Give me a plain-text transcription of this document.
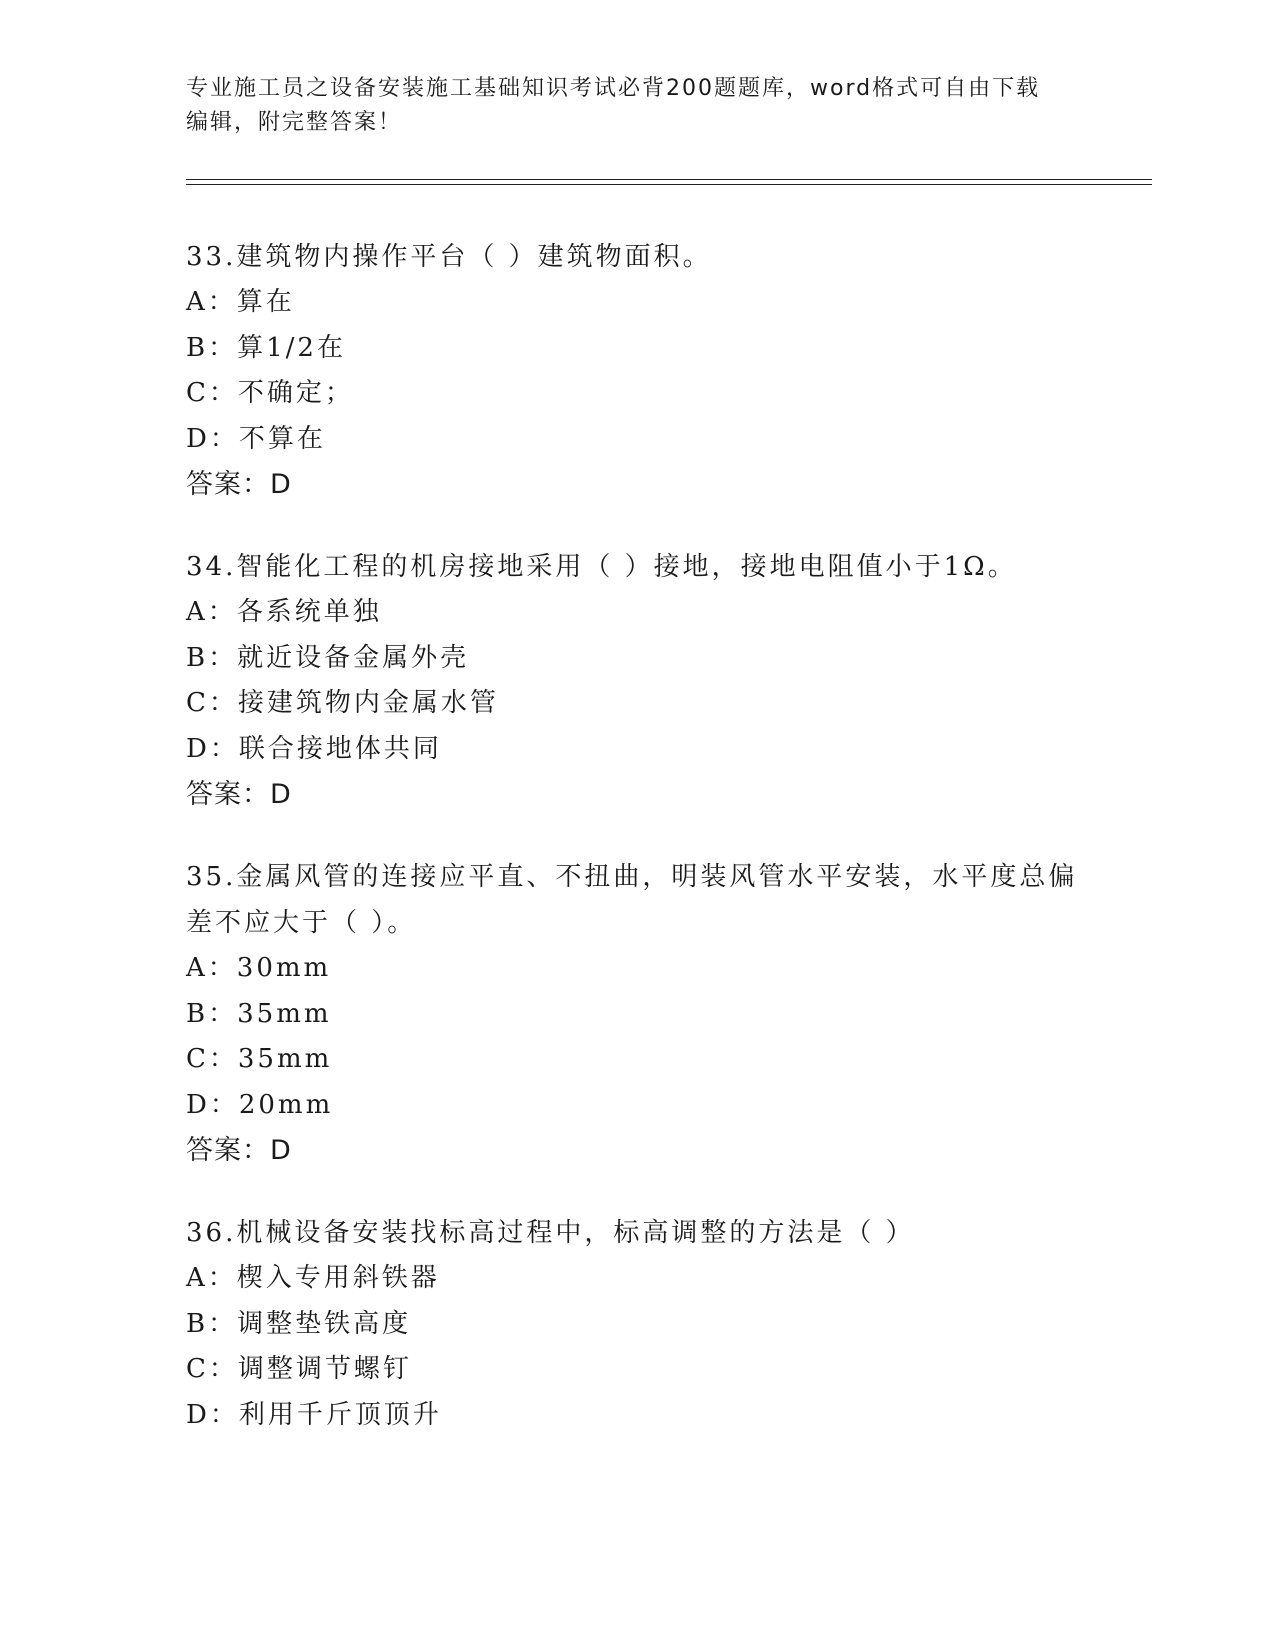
专业施工员之设备安装施工基础知识考试必背200题题库，word格式可自由下载
编辑，附完整答案！

33.建筑物内操作平台（ ）建筑物面积。

A：算在

B：算1/2在

C：不确定；

D：不算在

答案：D

34.智能化工程的机房接地采用（ ）接地，接地电阻值小于1Ω。

A：各系统单独

B：就近设备金属外壳

C：接建筑物内金属水管

D：联合接地体共同

答案：D

35.金属风管的连接应平直、不扭曲，明装风管水平安装，水平度总偏

差不应大于（ ）。

A：30mm

B：35mm

C：35mm

D：20mm

答案：D

36.机械设备安装找标高过程中，标高调整的方法是（ ）

A：楔入专用斜铁器

B：调整垫铁高度

C：调整调节螺钉

D：利用千斤顶顶升
